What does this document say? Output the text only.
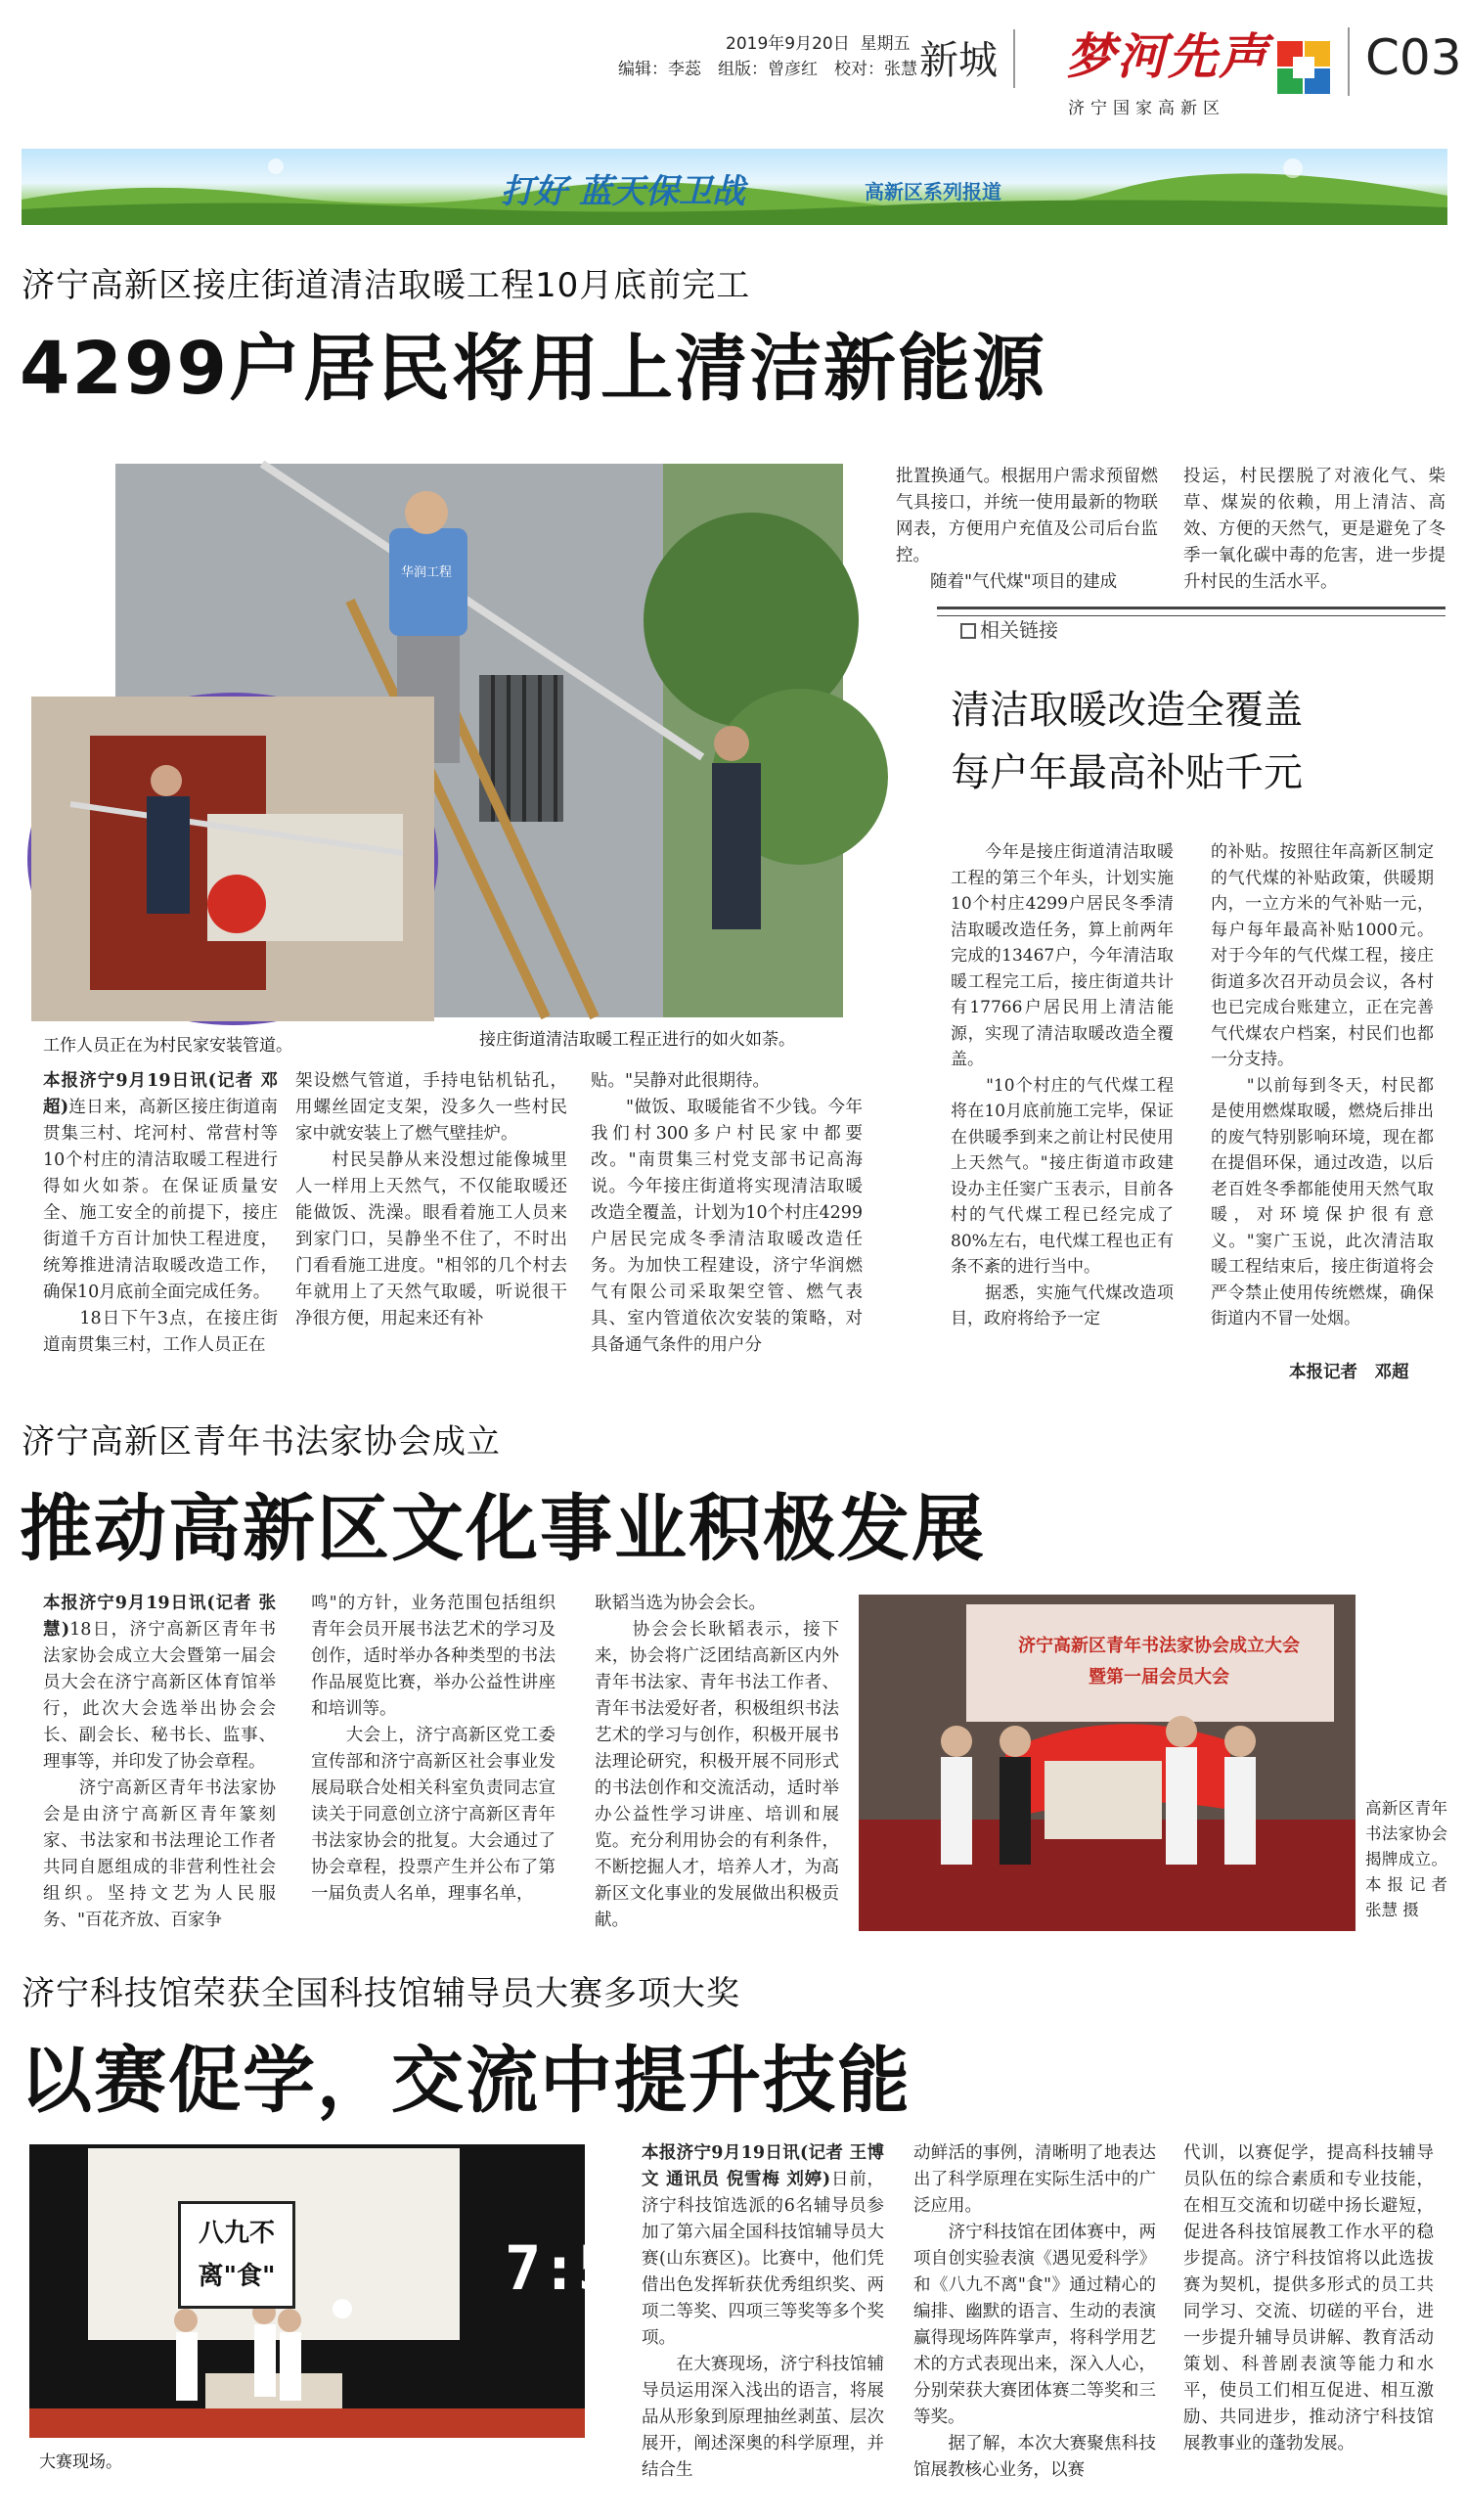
2019年9月20日 星期五
编辑：李蕊　组版：曾彦红　校对：张慧 新城 梦河先声
济宁国家高新区
C03
打好 蓝天保卫战	高新区系列报道
济宁高新区接庄街道清洁取暖工程10月底前完工
4299户居民将用上清洁新能源
华润工程
工作人员正在为村民家安装管道。	接庄街道清洁取暖工程正进行的如火如荼。
本报济宁9月19日讯(记者 邓超)连日来，高新区接庄街道南贯集三村、垞河村、常营村等10个村庄的清洁取暖工程进行得如火如荼。在保证质量安全、施工安全的前提下，接庄街道千方百计加快工程进度，统筹推进清洁取暖改造工作，确保10月底前全面完成任务。
　　18日下午3点，在接庄街道南贯集三村，工作人员正在
架设燃气管道，手持电钻机钻孔，用螺丝固定支架，没多久一些村民家中就安装上了燃气壁挂炉。
　　村民吴静从来没想过能像城里人一样用上天然气，不仅能取暖还能做饭、洗澡。眼看着施工人员来到家门口，吴静坐不住了，不时出门看看施工进度。"相邻的几个村去年就用上了天然气取暖，听说很干净很方便，用起来还有补
贴。"吴静对此很期待。
　　"做饭、取暖能省不少钱。今年我们村300多户村民家中都要改。"南贯集三村党支部书记高海说。今年接庄街道将实现清洁取暖改造全覆盖，计划为10个村庄4299户居民完成冬季清洁取暖改造任务。为加快工程建设，济宁华润燃气有限公司采取架空管、燃气表具、室内管道依次安装的策略，对具备通气条件的用户分
批置换通气。根据用户需求预留燃气具接口，并统一使用最新的物联网表，方便用户充值及公司后台监控。
　　随着"气代煤"项目的建成
投运，村民摆脱了对液化气、柴草、煤炭的依赖，用上清洁、高效、方便的天然气，更是避免了冬季一氧化碳中毒的危害，进一步提升村民的生活水平。
相关链接
清洁取暖改造全覆盖
每户年最高补贴千元
　　今年是接庄街道清洁取暖工程的第三个年头，计划实施10个村庄4299户居民冬季清洁取暖改造任务，算上前两年完成的13467户，今年清洁取暖工程完工后，接庄街道共计有17766户居民用上清洁能源，实现了清洁取暖改造全覆盖。
　　"10个村庄的气代煤工程将在10月底前施工完毕，保证在供暖季到来之前让村民使用上天然气。"接庄街道市政建设办主任窦广玉表示，目前各村的气代煤工程已经完成了80%左右，电代煤工程也正有条不紊的进行当中。
　　据悉，实施气代煤改造项目，政府将给予一定
的补贴。按照往年高新区制定的气代煤的补贴政策，供暖期内，一立方米的气补贴一元，每户每年最高补贴1000元。对于今年的气代煤工程，接庄街道多次召开动员会议，各村也已完成台账建立，正在完善气代煤农户档案，村民们也都一分支持。
　　"以前每到冬天，村民都是使用燃煤取暖，燃烧后排出的废气特别影响环境，现在都在提倡环保，通过改造，以后老百姓冬季都能使用天然气取暖，对环境保护很有意义。"窦广玉说，此次清洁取暖工程结束后，接庄街道将会严令禁止使用传统燃煤，确保街道内不冒一处烟。
本报记者　邓超
济宁高新区青年书法家协会成立
推动高新区文化事业积极发展
本报济宁9月19日讯(记者 张慧)18日，济宁高新区青年书法家协会成立大会暨第一届会员大会在济宁高新区体育馆举行，此次大会选举出协会会长、副会长、秘书长、监事、理事等，并印发了协会章程。
　　济宁高新区青年书法家协会是由济宁高新区青年篆刻家、书法家和书法理论工作者共同自愿组成的非营利性社会组织。坚持文艺为人民服务、"百花齐放、百家争
鸣"的方针，业务范围包括组织青年会员开展书法艺术的学习及创作，适时举办各种类型的书法作品展览比赛，举办公益性讲座和培训等。
　　大会上，济宁高新区党工委宣传部和济宁高新区社会事业发展局联合处相关科室负责同志宣读关于同意创立济宁高新区青年书法家协会的批复。大会通过了协会章程，投票产生并公布了第一届负责人名单，理事名单，
耿韬当选为协会会长。
　　协会会长耿韬表示，接下来，协会将广泛团结高新区内外青年书法家、青年书法工作者、青年书法爱好者，积极组织书法艺术的学习与创作，积极开展书法理论研究，积极开展不同形式的书法创作和交流活动，适时举办公益性学习讲座、培训和展览。充分利用协会的有利条件，不断挖掘人才，培养人才，为高新区文化事业的发展做出积极贡献。
济宁高新区青年书法家协会成立大会
暨第一届会员大会
高新区青年书法家协会揭牌成立。本报记者 张慧 摄
济宁科技馆荣获全国科技馆辅导员大赛多项大奖
以赛促学，交流中提升技能
八九不离"食"	7:54
大赛现场。
本报济宁9月19日讯(记者 王博文 通讯员 倪雪梅 刘婷)日前，济宁科技馆选派的6名辅导员参加了第六届全国科技馆辅导员大赛(山东赛区)。比赛中，他们凭借出色发挥斩获优秀组织奖、两项二等奖、四项三等奖等多个奖项。
　　在大赛现场，济宁科技馆辅导员运用深入浅出的语言，将展品从形象到原理抽丝剥茧、层次展开，阐述深奥的科学原理，并结合生
动鲜活的事例，清晰明了地表达出了科学原理在实际生活中的广泛应用。
　　济宁科技馆在团体赛中，两项自创实验表演《遇见爱科学》和《八九不离"食"》通过精心的编排、幽默的语言、生动的表演赢得现场阵阵掌声，将科学用艺术的方式表现出来，深入人心，分别荣获大赛团体赛二等奖和三等奖。
　　据了解，本次大赛聚焦科技馆展教核心业务，以赛
代训，以赛促学，提高科技辅导员队伍的综合素质和专业技能，在相互交流和切磋中扬长避短，促进各科技馆展教工作水平的稳步提高。济宁科技馆将以此选拔赛为契机，提供多形式的员工共同学习、交流、切磋的平台，进一步提升辅导员讲解、教育活动策划、科普剧表演等能力和水平，使员工们相互促进、相互激励、共同进步，推动济宁科技馆展教事业的蓬勃发展。
